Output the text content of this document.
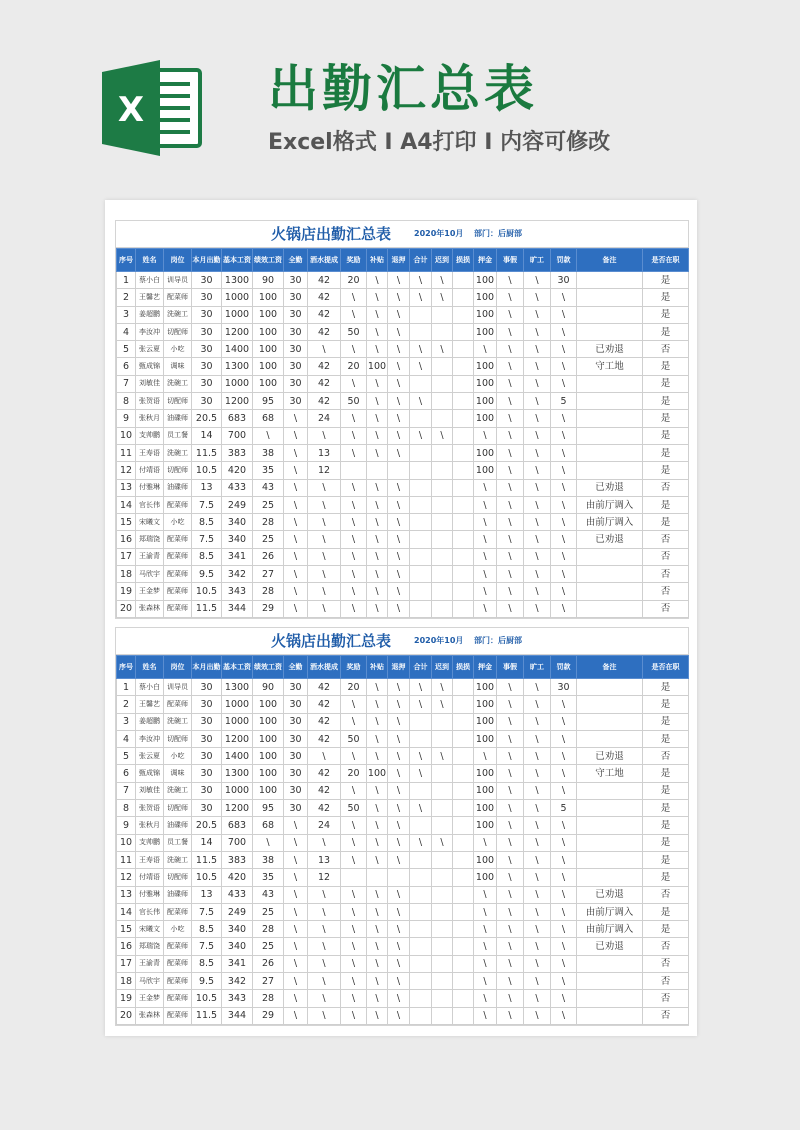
X 出勤汇总表
Excel格式 I A4打印 I 内容可修改
火锅店出勤汇总表	2020年10月 部门：后厨部
序号	姓名	岗位	本月出勤	基本工资	绩效工资	全勤	酒水提成	奖励	补贴	退押	合计	迟到	损损	押金	事假	旷工	罚款	备注	是否在职
1	蔡小白	训导员	30	1300	90	30	42	20	\	\	\	\		100	\	\	30		是
2	王馨艺	配菜师	30	1000	100	30	42	\	\	\	\	\		100	\	\	\		是
3	姜超鹏	洗碗工	30	1000	100	30	42	\	\	\				100	\	\	\		是
4	李汝冲	切配师	30	1200	100	30	42	50	\	\				100	\	\	\		是
5	张云夏	小吃	30	1400	100	30	\	\	\	\	\	\		\	\	\	\	已劝退	否
6	甄成锦	调味	30	1300	100	30	42	20	100	\	\			100	\	\	\	守工地	是
7	刘敏佳	洗碗工	30	1000	100	30	42	\	\	\				100	\	\	\		是
8	张贺语	切配师	30	1200	95	30	42	50	\	\	\			100	\	\	5		是
9	张秋月	油碟师	20.5	683	68	\	24	\	\	\				100	\	\	\		是
10	支帅鹏	员工餐	14	700	\	\	\	\	\	\	\	\		\	\	\	\		是
11	王寿语	洗碗工	11.5	383	38	\	13	\	\	\				100	\	\	\		是
12	付靖语	切配师	10.5	420	35	\	12							100	\	\	\		是
13	付雅琳	油碟师	13	433	43	\	\	\	\	\				\	\	\	\	已劝退	否
14	官长伟	配菜师	7.5	249	25	\	\	\	\	\				\	\	\	\	由前厅调入	是
15	宋曦文	小吃	8.5	340	28	\	\	\	\	\				\	\	\	\	由前厅调入	是
16	郑瑞饶	配菜师	7.5	340	25	\	\	\	\	\				\	\	\	\	已劝退	否
17	王渝青	配菜师	8.5	341	26	\	\	\	\	\				\	\	\	\		否
18	马欣宇	配菜师	9.5	342	27	\	\	\	\	\				\	\	\	\		否
19	王金梦	配菜师	10.5	343	28	\	\	\	\	\				\	\	\	\		否
20	张森林	配菜师	11.5	344	29	\	\	\	\	\				\	\	\	\		否
火锅店出勤汇总表	2020年10月 部门：后厨部
序号	姓名	岗位	本月出勤	基本工资	绩效工资	全勤	酒水提成	奖励	补贴	退押	合计	迟到	损损	押金	事假	旷工	罚款	备注	是否在职
1	蔡小白	训导员	30	1300	90	30	42	20	\	\	\	\		100	\	\	30		是
2	王馨艺	配菜师	30	1000	100	30	42	\	\	\	\	\		100	\	\	\		是
3	姜超鹏	洗碗工	30	1000	100	30	42	\	\	\				100	\	\	\		是
4	李汝冲	切配师	30	1200	100	30	42	50	\	\				100	\	\	\		是
5	张云夏	小吃	30	1400	100	30	\	\	\	\	\	\		\	\	\	\	已劝退	否
6	甄成锦	调味	30	1300	100	30	42	20	100	\	\			100	\	\	\	守工地	是
7	刘敏佳	洗碗工	30	1000	100	30	42	\	\	\				100	\	\	\		是
8	张贺语	切配师	30	1200	95	30	42	50	\	\	\			100	\	\	5		是
9	张秋月	油碟师	20.5	683	68	\	24	\	\	\				100	\	\	\		是
10	支帅鹏	员工餐	14	700	\	\	\	\	\	\	\	\		\	\	\	\		是
11	王寿语	洗碗工	11.5	383	38	\	13	\	\	\				100	\	\	\		是
12	付靖语	切配师	10.5	420	35	\	12							100	\	\	\		是
13	付雅琳	油碟师	13	433	43	\	\	\	\	\				\	\	\	\	已劝退	否
14	官长伟	配菜师	7.5	249	25	\	\	\	\	\				\	\	\	\	由前厅调入	是
15	宋曦文	小吃	8.5	340	28	\	\	\	\	\				\	\	\	\	由前厅调入	是
16	郑瑞饶	配菜师	7.5	340	25	\	\	\	\	\				\	\	\	\	已劝退	否
17	王渝青	配菜师	8.5	341	26	\	\	\	\	\				\	\	\	\		否
18	马欣宇	配菜师	9.5	342	27	\	\	\	\	\				\	\	\	\		否
19	王金梦	配菜师	10.5	343	28	\	\	\	\	\				\	\	\	\		否
20	张森林	配菜师	11.5	344	29	\	\	\	\	\				\	\	\	\		否
